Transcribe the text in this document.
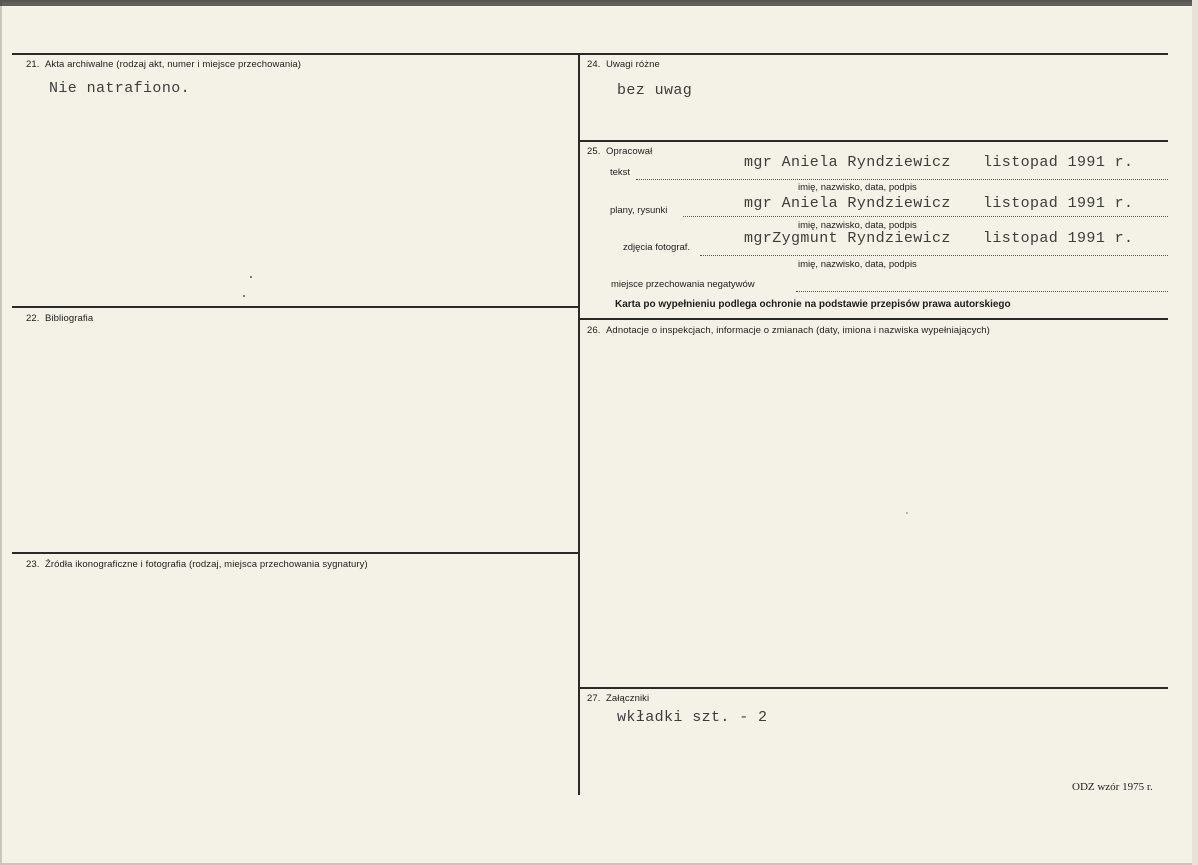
21. Akta archiwalne (rodzaj akt, numer i miejsce przechowania)
Nie natrafiono.
22. Bibliografia
23. Źródła ikonograficzne i fotografia (rodzaj, miejsca przechowania sygnatury)
24. Uwagi różne
bez uwag
25. Opracował
tekst
mgr Aniela Ryndziewicz listopad 1991 r.
imię, nazwisko, data, podpis
plany, rysunki	mgr Aniela Ryndziewicz listopad 1991 r.
imię, nazwisko, data, podpis
zdjęcia fotograf.
mgrZygmunt Ryndziewicz listopad 1991 r.
imię, nazwisko, data, podpis
miejsce przechowania negatywów
Karta po wypełnieniu podlega ochronie na podstawie przepisów prawa autorskiego
26. Adnotacje o inspekcjach, informacje o zmianach (daty, imiona i nazwiska wypełniających)
27. Załączniki
wkładki szt. - 2
ODZ wzór 1975 r.
